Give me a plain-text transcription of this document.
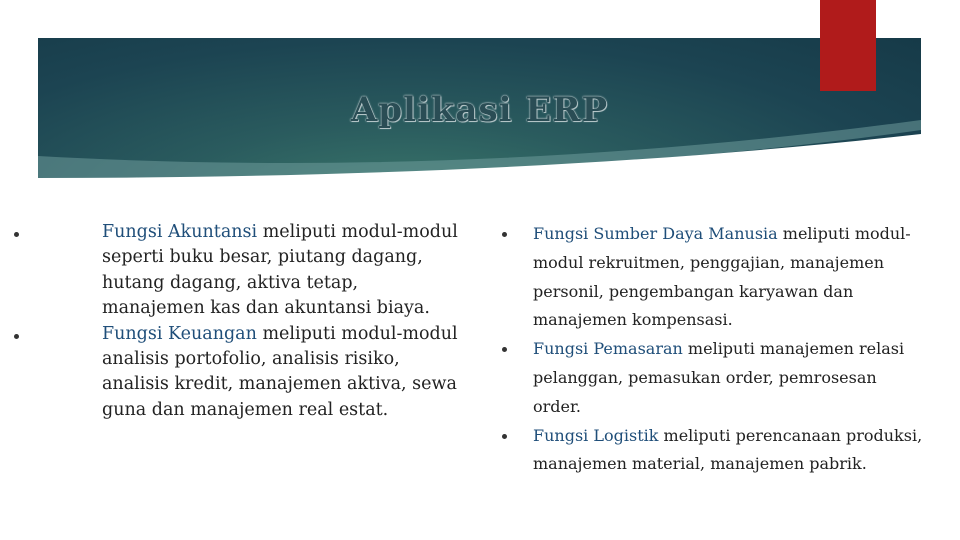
Aplikasi ERP

Fungsi Akuntansi meliputi modul-modul seperti buku besar, piutang dagang, hutang dagang, aktiva tetap, manajemen kas dan akuntansi biaya.

Fungsi Keuangan meliputi modul-modul analisis portofolio, analisis risiko, analisis kredit, manajemen aktiva, sewa guna dan manajemen real estat.

Fungsi Sumber Daya Manusia meliputi modul-modul rekruitmen, penggajian, manajemen personil, pengembangan karyawan dan manajemen kompensasi.

Fungsi Pemasaran meliputi manajemen relasi pelanggan, pemasukan order, pemrosesan order.

Fungsi Logistik meliputi perencanaan produksi, manajemen material, manajemen pabrik.
